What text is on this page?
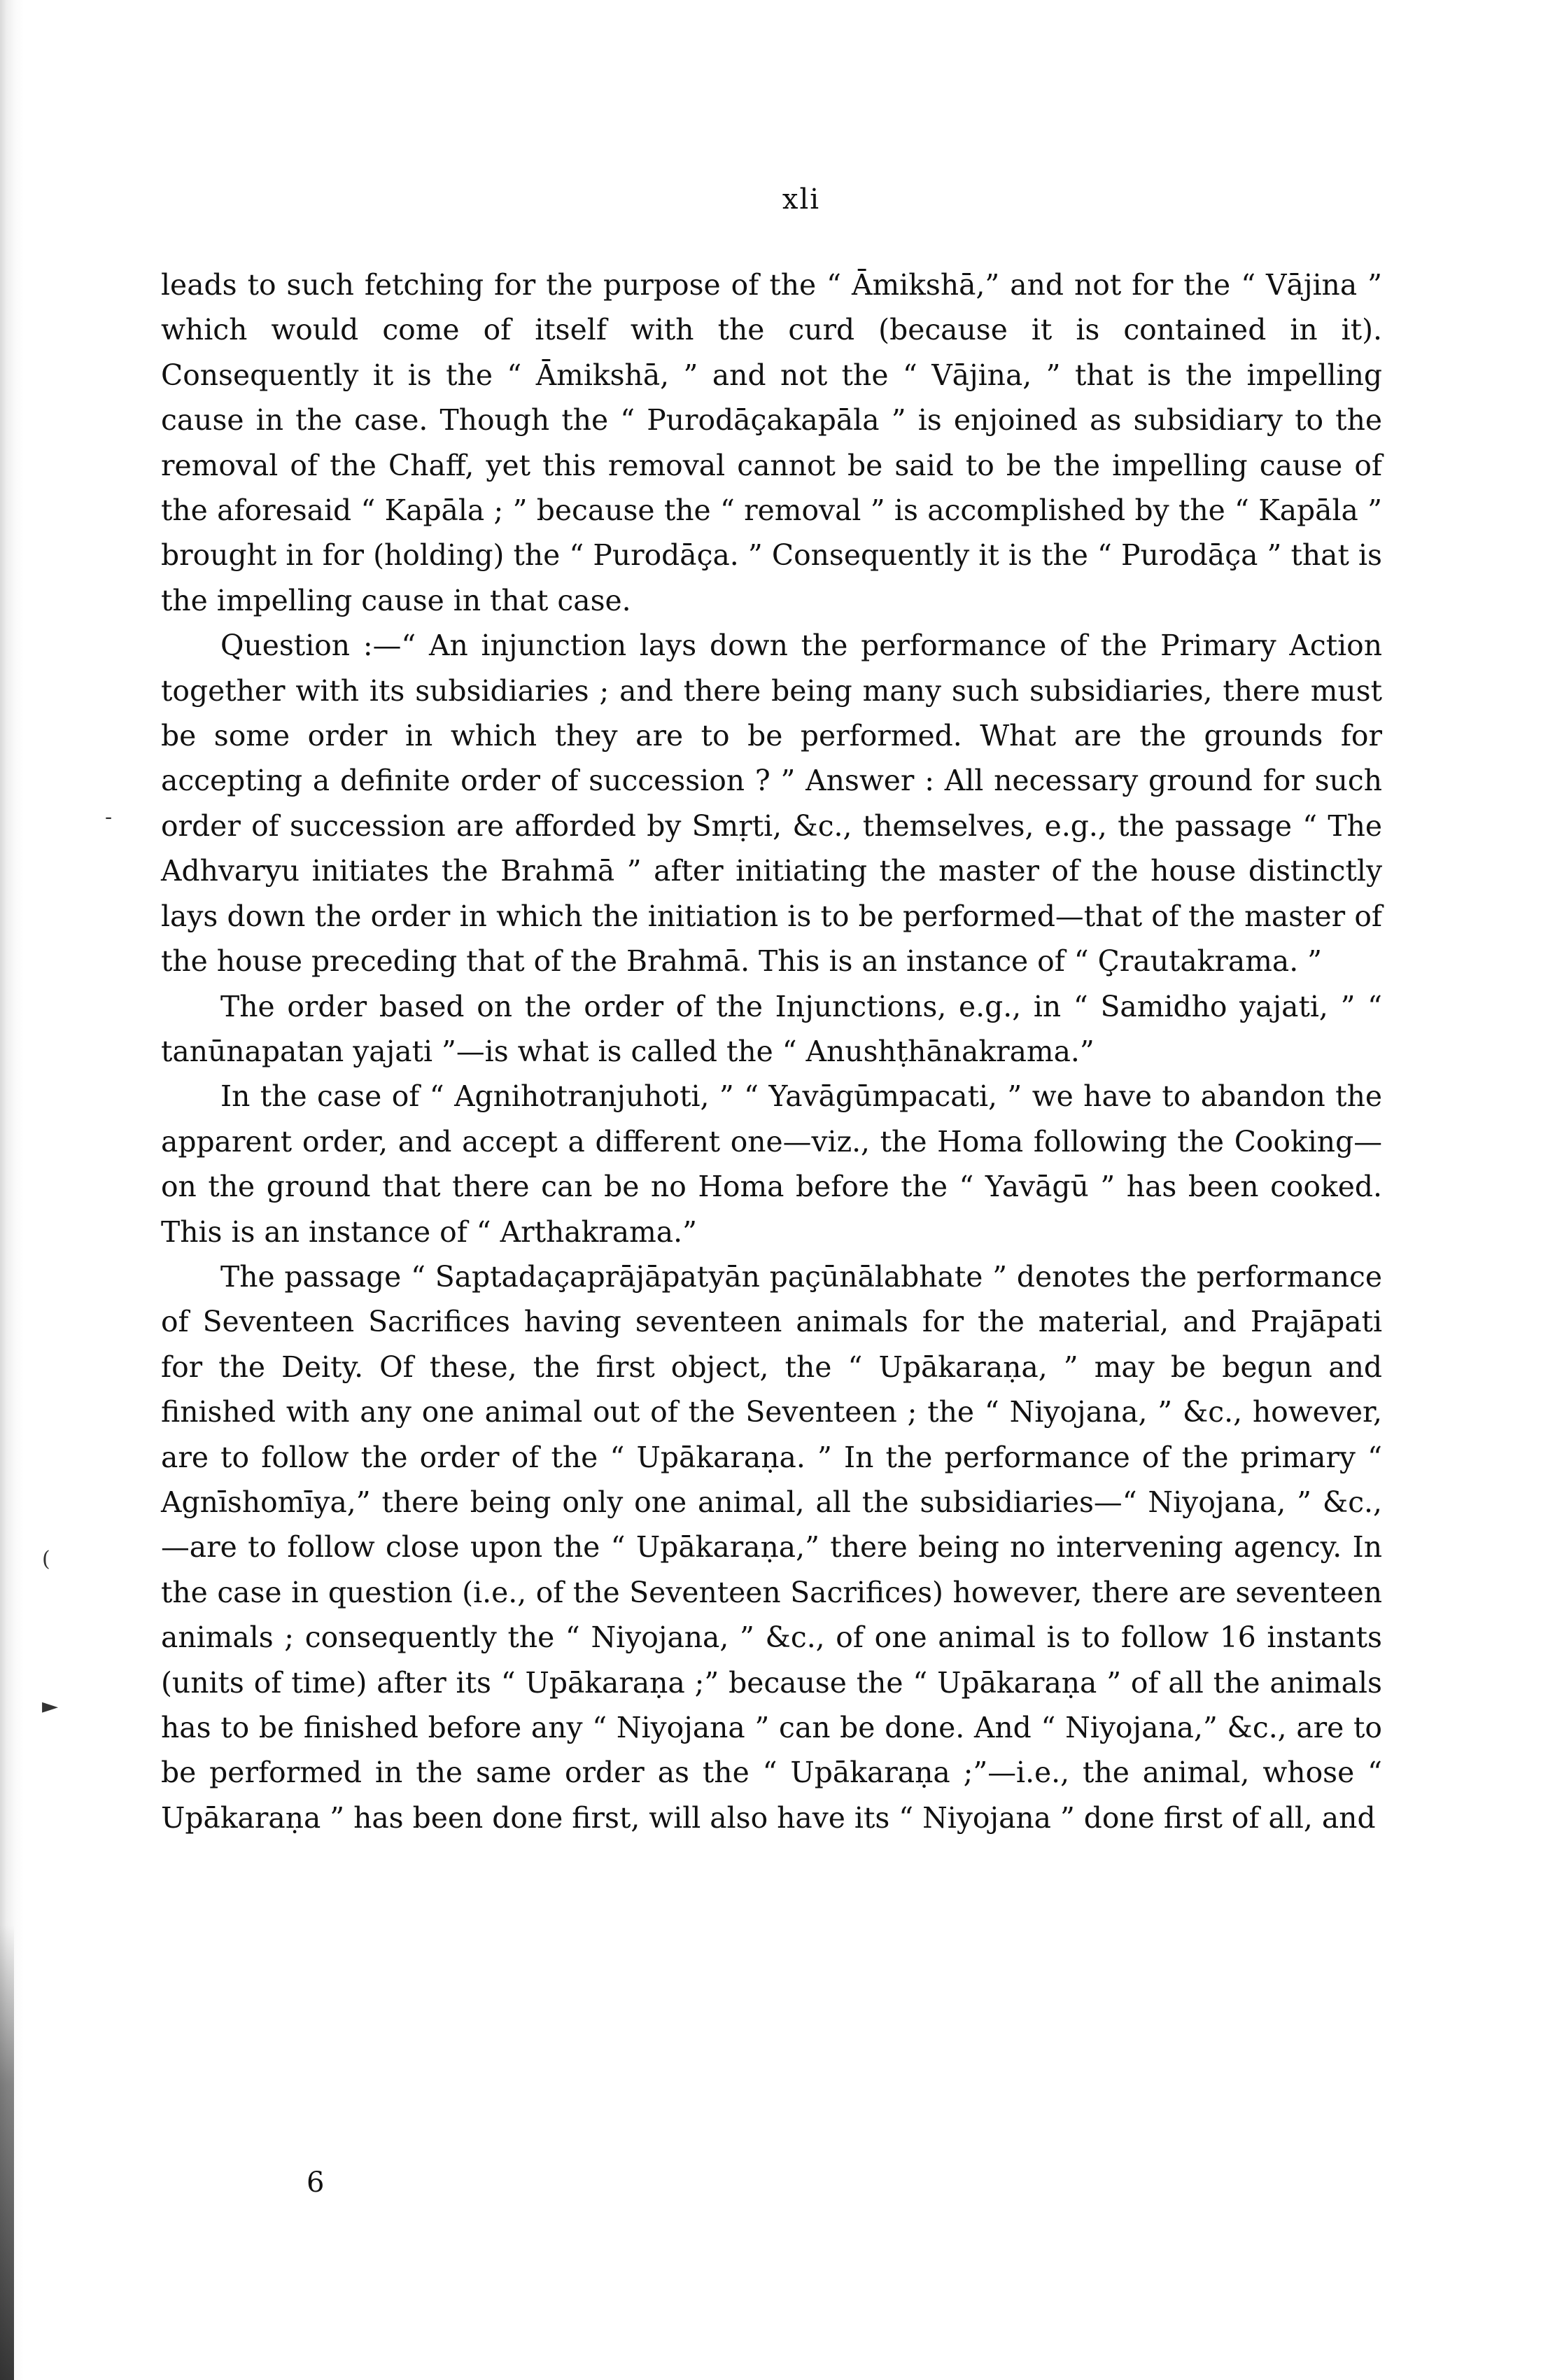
-
(
►
xli

leads to such fetching for the purpose of the “ Āmikshā,” and not for the “ Vājina ” which would come of itself with the curd (because it is contained in it). Consequently it is the “ Āmikshā, ” and not the “ Vājina, ” that is the impelling cause in the case. Though the “ Purodāçakapāla ” is enjoined as subsidiary to the removal of the Chaff, yet this removal cannot be said to be the impelling cause of the aforesaid “ Kapāla ; ” because the “ removal ” is accomplished by the “ Kapāla ” brought in for (holding) the “ Purodāça. ” Consequently it is the “ Purodāça ” that is the impelling cause in that case.

Question :—“ An injunction lays down the performance of the Primary Action together with its subsidiaries ; and there being many such subsidiaries, there must be some order in which they are to be performed. What are the grounds for accepting a definite order of succession ? ” Answer : All necessary ground for such order of succession are afforded by Smṛti, &c., themselves, e.g., the passage “ The Adhvaryu initiates the Brahmā ” after initiating the master of the house distinctly lays down the order in which the initiation is to be performed—that of the master of the house preceding that of the Brahmā. This is an instance of “ Çrautakrama. ”

The order based on the order of the Injunctions, e.g., in “ Samidho yajati, ” “ tanūnapatan yajati ”—is what is called the “ Anushṭhānakrama.”

In the case of “ Agnihotranjuhoti, ” “ Yavāgūmpacati, ” we have to abandon the apparent order, and accept a different one—viz., the Homa following the Cooking—on the ground that there can be no Homa before the “ Yavāgū ” has been cooked. This is an instance of “ Arthakrama.”

The passage “ Saptadaçaprājāpatyān paçūnālabhate ” denotes the performance of Seventeen Sacrifices having seventeen animals for the material, and Prajāpati for the Deity. Of these, the first object, the “ Upākaraṇa, ” may be begun and finished with any one animal out of the Seventeen ; the “ Niyojana, ” &c., however, are to follow the order of the “ Upākaraṇa. ” In the performance of the primary “ Agnīshomīya,” there being only one animal, all the subsidiaries—“ Niyojana, ” &c.,—are to follow close upon the “ Upākaraṇa,” there being no intervening agency. In the case in question (i.e., of the Seventeen Sacrifices) however, there are seventeen animals ; consequently the “ Niyojana, ” &c., of one animal is to follow 16 instants (units of time) after its “ Upākaraṇa ;” because the “ Upākaraṇa ” of all the animals has to be finished before any “ Niyojana ” can be done. And “ Niyojana,” &c., are to be performed in the same order as the “ Upākaraṇa ;”—i.e., the animal, whose “ Upākaraṇa ” has been done first, will also have its “ Niyojana ” done first of all, and

6
